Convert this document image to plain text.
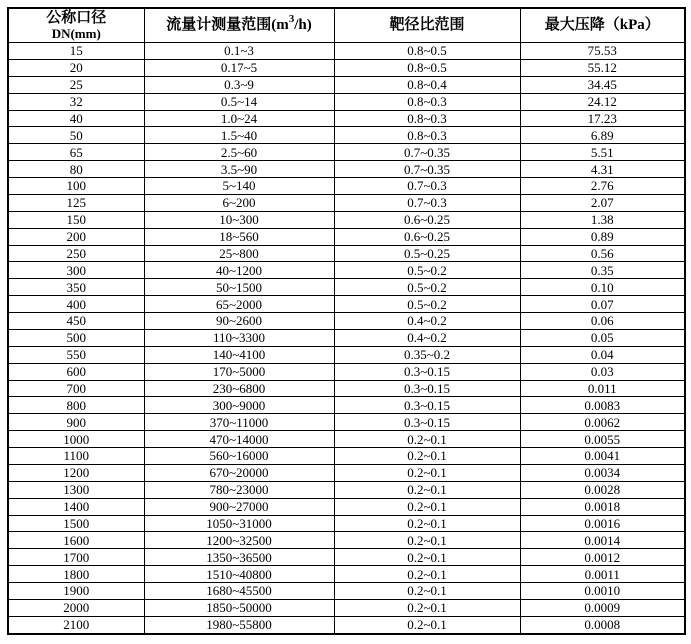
公称口径
DN(mm)	流量计测量范围$(m^3/h)$	靶径比范围	最大压降（kPa）
15	0.1~3	0.8~0.5	75.53
20	0.17~5	0.8~0.5	55.12
25	0.3~9	0.8~0.4	34.45
32	0.5~14	0.8~0.3	24.12
40	1.0~24	0.8~0.3	17.23
50	1.5~40	0.8~0.3	6.89
65	2.5~60	0.7~0.35	5.51
80	3.5~90	0.7~0.35	4.31
100	5~140	0.7~0.3	2.76
125	6~200	0.7~0.3	2.07
150	10~300	0.6~0.25	1.38
200	18~560	0.6~0.25	0.89
250	25~800	0.5~0.25	0.56
300	40~1200	0.5~0.2	0.35
350	50~1500	0.5~0.2	0.10
400	65~2000	0.5~0.2	0.07
450	90~2600	0.4~0.2	0.06
500	110~3300	0.4~0.2	0.05
550	140~4100	0.35~0.2	0.04
600	170~5000	0.3~0.15	0.03
700	230~6800	0.3~0.15	0.011
800	300~9000	0.3~0.15	0.0083
900	370~11000	0.3~0.15	0.0062
1000	470~14000	0.2~0.1	0.0055
1100	560~16000	0.2~0.1	0.0041
1200	670~20000	0.2~0.1	0.0034
1300	780~23000	0.2~0.1	0.0028
1400	900~27000	0.2~0.1	0.0018
1500	1050~31000	0.2~0.1	0.0016
1600	1200~32500	0.2~0.1	0.0014
1700	1350~36500	0.2~0.1	0.0012
1800	1510~40800	0.2~0.1	0.0011
1900	1680~45500	0.2~0.1	0.0010
2000	1850~50000	0.2~0.1	0.0009
2100	1980~55800	0.2~0.1	0.0008
